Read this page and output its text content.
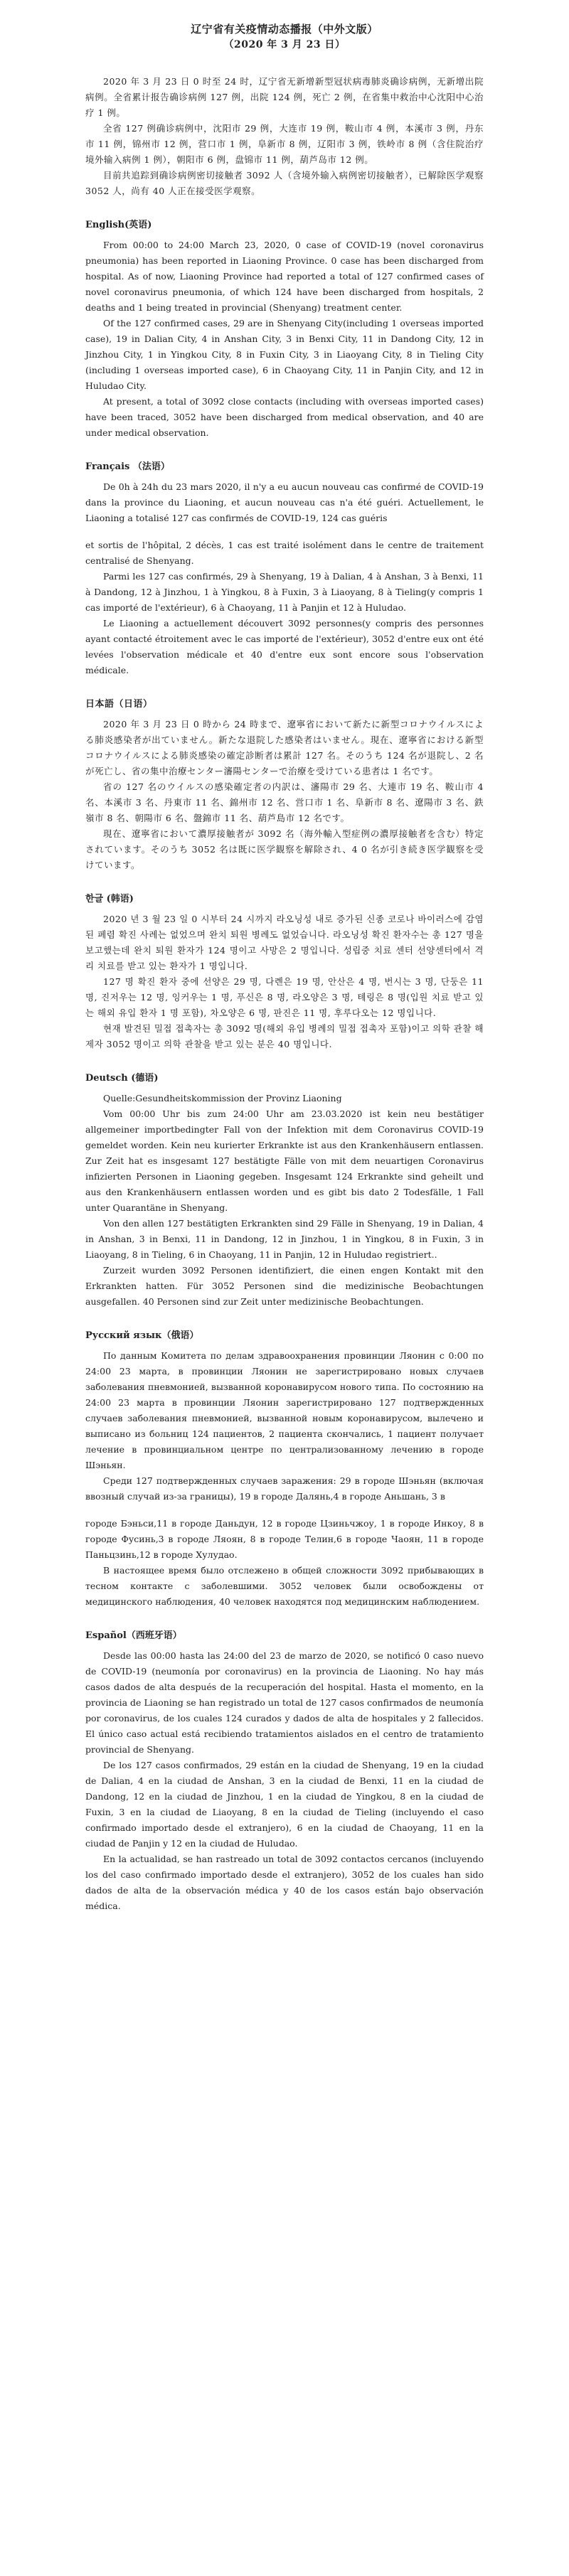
辽宁省有关疫情动态播报（中外文版）

（2020 年 3 月 23 日）

2020 年 3 月 23 日 0 时至 24 时，辽宁省无新增新型冠状病毒肺炎确诊病例，无新增出院病例。全省累计报告确诊病例 127 例，出院 124 例，死亡 2 例，在省集中救治中心沈阳中心治疗 1 例。

全省 127 例确诊病例中，沈阳市 29 例，大连市 19 例，鞍山市 4 例，本溪市 3 例，丹东市 11 例，锦州市 12 例，营口市 1 例，阜新市 8 例，辽阳市 3 例，铁岭市 8 例（含住院治疗境外输入病例 1 例），朝阳市 6 例，盘锦市 11 例，葫芦岛市 12 例。

目前共追踪到确诊病例密切接触者 3092 人（含境外输入病例密切接触者），已解除医学观察 3052 人，尚有 40 人正在接受医学观察。

English(英语)

From 00:00 to 24:00 March 23, 2020, 0 case of COVID-19 (novel coronavirus pneumonia) has been reported in Liaoning Province. 0 case has been discharged from hospital. As of now, Liaoning Province had reported a total of 127 confirmed cases of novel coronavirus pneumonia, of which 124 have been discharged from hospitals, 2 deaths and 1 being treated in provincial (Shenyang) treatment center.

Of the 127 confirmed cases, 29 are in Shenyang City(including 1 overseas imported case), 19 in Dalian City, 4 in Anshan City, 3 in Benxi City, 11 in Dandong City, 12 in Jinzhou City, 1 in Yingkou City, 8 in Fuxin City, 3 in Liaoyang City, 8 in Tieling City (including 1 overseas imported case), 6 in Chaoyang City, 11 in Panjin City, and 12 in Huludao City.

At present, a total of 3092 close contacts (including with overseas imported cases) have been traced, 3052 have been discharged from medical observation, and 40 are under medical observation.

Français （法语）

De 0h à 24h du 23 mars 2020, il n'y a eu aucun nouveau cas confirmé de COVID-19 dans la province du Liaoning, et aucun nouveau cas n'a été guéri. Actuellement, le Liaoning a totalisé 127 cas confirmés de COVID-19, 124 cas guéris

et sortis de l'hôpital, 2 décès, 1 cas est traité isolément dans le centre de traitement centralisé de Shenyang.

Parmi les 127 cas confirmés, 29 à Shenyang, 19 à Dalian, 4 à Anshan, 3 à Benxi, 11 à Dandong, 12 à Jinzhou, 1 à Yingkou, 8 à Fuxin, 3 à Liaoyang, 8 à Tieling(y compris 1 cas importé de l'extérieur), 6 à Chaoyang, 11 à Panjin et 12 à Huludao.

Le Liaoning a actuellement découvert 3092 personnes(y compris des personnes ayant contacté étroitement avec le cas importé de l'extérieur), 3052 d'entre eux ont été levées l'observation médicale et 40 d'entre eux sont encore sous l'observation médicale.

日本語（日语）

2020 年 3 月 23 日 0 時から 24 時まで、遼寧省において新たに新型コロナウイルスによる肺炎感染者が出ていません。新たな退院した感染者はいません。現在、遼寧省における新型コロナウイルスによる肺炎感染の確定診断者は累計 127 名。そのうち 124 名が退院し、2 名が死亡し、省の集中治療センター瀋陽センターで治療を受けている患者は 1 名です。

省の 127 名のウイルスの感染確定者の内訳は、瀋陽市 29 名、大連市 19 名、鞍山市 4 名、本溪市 3 名、丹東市 11 名、錦州市 12 名、営口市 1 名、阜新市 8 名、遼陽市 3 名、鉄嶺市 8 名、朝陽市 6 名、盤錦市 11 名、葫芦島市 12 名です。

現在、遼寧省において濃厚接触者が 3092 名（海外輸入型症例の濃厚接触者を含む）特定されています。そのうち 3052 名は既に医学観察を解除され、4 0 名が引き続き医学観察を受けています。

한글 (韩语)

2020 년 3 월 23 일 0 시부터 24 시까지 라오닝성 내로 증가된 신종 코로나 바이러스에 감염된 폐렴 확진 사례는 없었으며 완치 퇴원 병례도 없었습니다. 라오닝성 확진 환자수는 총 127 명을 보고했는데 완치 퇴원 환자가 124 명이고 사망은 2 명입니다. 성립중 치료 센터 선양센터에서 격리 치료를 받고 있는 환자가 1 명입니다.

127 명 확진 환자 중에 선양은 29 명, 다롄은 19 명, 안산은 4 명, 번시는 3 명, 단둥은 11 명, 진저우는 12 명, 잉커우는 1 명, 푸신은 8 명, 라오양은 3 명, 톄링은 8 명(입원 치료 받고 있는 해외 유입 환자 1 명 포함), 차오양은 6 명, 판진은 11 명, 후루다오는 12 명입니다.

현재 발견된 밀접 접촉자는 총 3092 명(해외 유입 병례의 밀접 접촉자 포함)이고 의학 관찰 해제자 3052 명이고 의학 관찰을 받고 있는 분은 40 명입니다.

Deutsch (德语)

Quelle:Gesundheitskommission der Provinz Liaoning

Vom 00:00 Uhr bis zum 24:00 Uhr am 23.03.2020 ist kein neu bestätiger allgemeiner importbedingter Fall von der Infektion mit dem Coronavirus COVID-19 gemeldet worden. Kein neu kurierter Erkrankte ist aus den Krankenhäusern entlassen. Zur Zeit hat es insgesamt 127 bestätigte Fälle von mit dem neuartigen Coronavirus infizierten Personen in Liaoning gegeben. Insgesamt 124 Erkrankte sind geheilt und aus den Krankenhäusern entlassen worden und es gibt bis dato 2 Todesfälle, 1 Fall unter Quarantäne in Shenyang.

Von den allen 127 bestätigten Erkrankten sind 29 Fälle in Shenyang, 19 in Dalian, 4 in Anshan, 3 in Benxi, 11 in Dandong, 12 in Jinzhou, 1 in Yingkou, 8 in Fuxin, 3 in Liaoyang, 8 in Tieling, 6 in Chaoyang, 11 in Panjin, 12 in Huludao registriert..

Zurzeit wurden 3092 Personen identifiziert, die einen engen Kontakt mit den Erkrankten hatten. Für 3052 Personen sind die medizinische Beobachtungen ausgefallen. 40 Personen sind zur Zeit unter medizinische Beobachtungen.

Русский язык（俄语）

По данным Комитета по делам здравоохранения провинции Ляонин с 0:00 по 24:00 23 марта, в провинции Ляонин не зарегистрировано новых случаев заболевания пневмонией, вызванной коронавирусом нового типа. По состоянию на 24:00 23 марта в провинции Ляонин зарегистрировано 127 подтвержденных случаев заболевания пневмонией, вызванной новым коронавирусом, вылечено и выписано из больниц 124 пациентов, 2 пациента скончались, 1 пациент получает лечение в провинциальном центре по централизованному лечению в городе Шэньян.

Среди 127 подтвержденных случаев заражения: 29 в городе Шэньян (включая ввозный случай из-за границы), 19 в городе Далянь,4 в городе Аньшань, 3 в

городе Бэньси,11 в городе Даньдун, 12 в городе Цзиньчжоу, 1 в городе Инкоу, 8 в городе Фусинь,3 в городе Ляоян, 8 в городе Телин,6 в городе Чаоян, 11 в городе Паньцзинь,12 в городе Хулудао.

В настоящее время было отслежено в общей сложности 3092 прибывающих в тесном контакте с заболевшими. 3052 человек были освобождены от медицинского наблюдения, 40 человек находятся под медицинским наблюдением.

Español（西班牙语）

Desde las 00:00 hasta las 24:00 del 23 de marzo de 2020, se notificó 0 caso nuevo de COVID-19 (neumonía por coronavirus) en la provincia de Liaoning. No hay más casos dados de alta después de la recuperación del hospital. Hasta el momento, en la provincia de Liaoning se han registrado un total de 127 casos confirmados de neumonía por coronavirus, de los cuales 124 curados y dados de alta de hospitales y 2 fallecidos. El único caso actual está recibiendo tratamientos aislados en el centro de tratamiento provincial de Shenyang.

De los 127 casos confirmados, 29 están en la ciudad de Shenyang, 19 en la ciudad de Dalian, 4 en la ciudad de Anshan, 3 en la ciudad de Benxi, 11 en la ciudad de Dandong, 12 en la ciudad de Jinzhou, 1 en la ciudad de Yingkou, 8 en la ciudad de Fuxin, 3 en la ciudad de Liaoyang, 8 en la ciudad de Tieling (incluyendo el caso confirmado importado desde el extranjero), 6 en la ciudad de Chaoyang, 11 en la ciudad de Panjin y 12 en la ciudad de Huludao.

En la actualidad, se han rastreado un total de 3092 contactos cercanos (incluyendo los del caso confirmado importado desde el extranjero), 3052 de los cuales han sido dados de alta de la observación médica y 40 de los casos están bajo observación médica.
